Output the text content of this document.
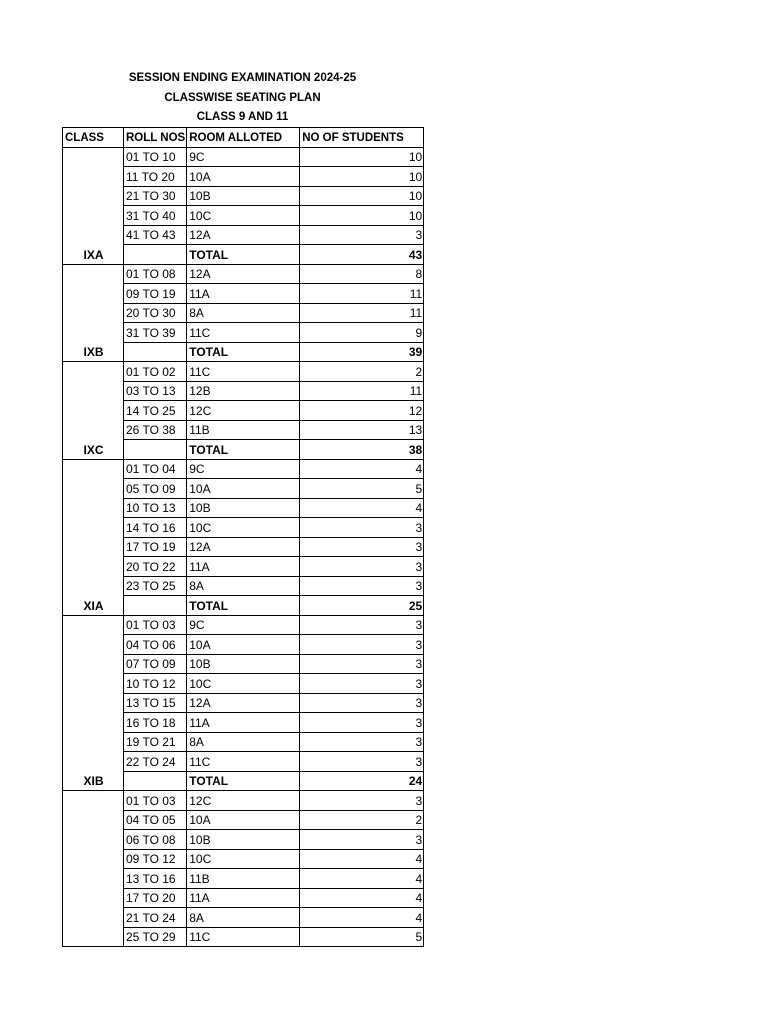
SESSION ENDING EXAMINATION 2024-25
CLASSWISE SEATING PLAN
CLASS 9 AND 11
CLASS	ROLL NOS	ROOM ALLOTED	NO OF STUDENTS
IXA	01 TO 10	9C	10
	11 TO 20	10A	10
	21 TO 30	10B	10
	31 TO 40	10C	10
	41 TO 43	12A	3
		TOTAL	43
IXB	01 TO 08	12A	8
	09 TO 19	11A	11
	20 TO 30	8A	11
	31 TO 39	11C	9
		TOTAL	39
IXC	01 TO 02	11C	2
	03 TO 13	12B	11
	14 TO 25	12C	12
	26 TO 38	11B	13
		TOTAL	38
XIA	01 TO 04	9C	4
	05 TO 09	10A	5
	10 TO 13	10B	4
	14 TO 16	10C	3
	17 TO 19	12A	3
	20 TO 22	11A	3
	23 TO 25	8A	3
		TOTAL	25
XIB	01 TO 03	9C	3
	04 TO 06	10A	3
	07 TO 09	10B	3
	10 TO 12	10C	3
	13 TO 15	12A	3
	16 TO 18	11A	3
	19 TO 21	8A	3
	22 TO 24	11C	3
		TOTAL	24
	01 TO 03	12C	3
	04 TO 05	10A	2
	06 TO 08	10B	3
	09 TO 12	10C	4
	13 TO 16	11B	4
	17 TO 20	11A	4
	21 TO 24	8A	4
	25 TO 29	11C	5
